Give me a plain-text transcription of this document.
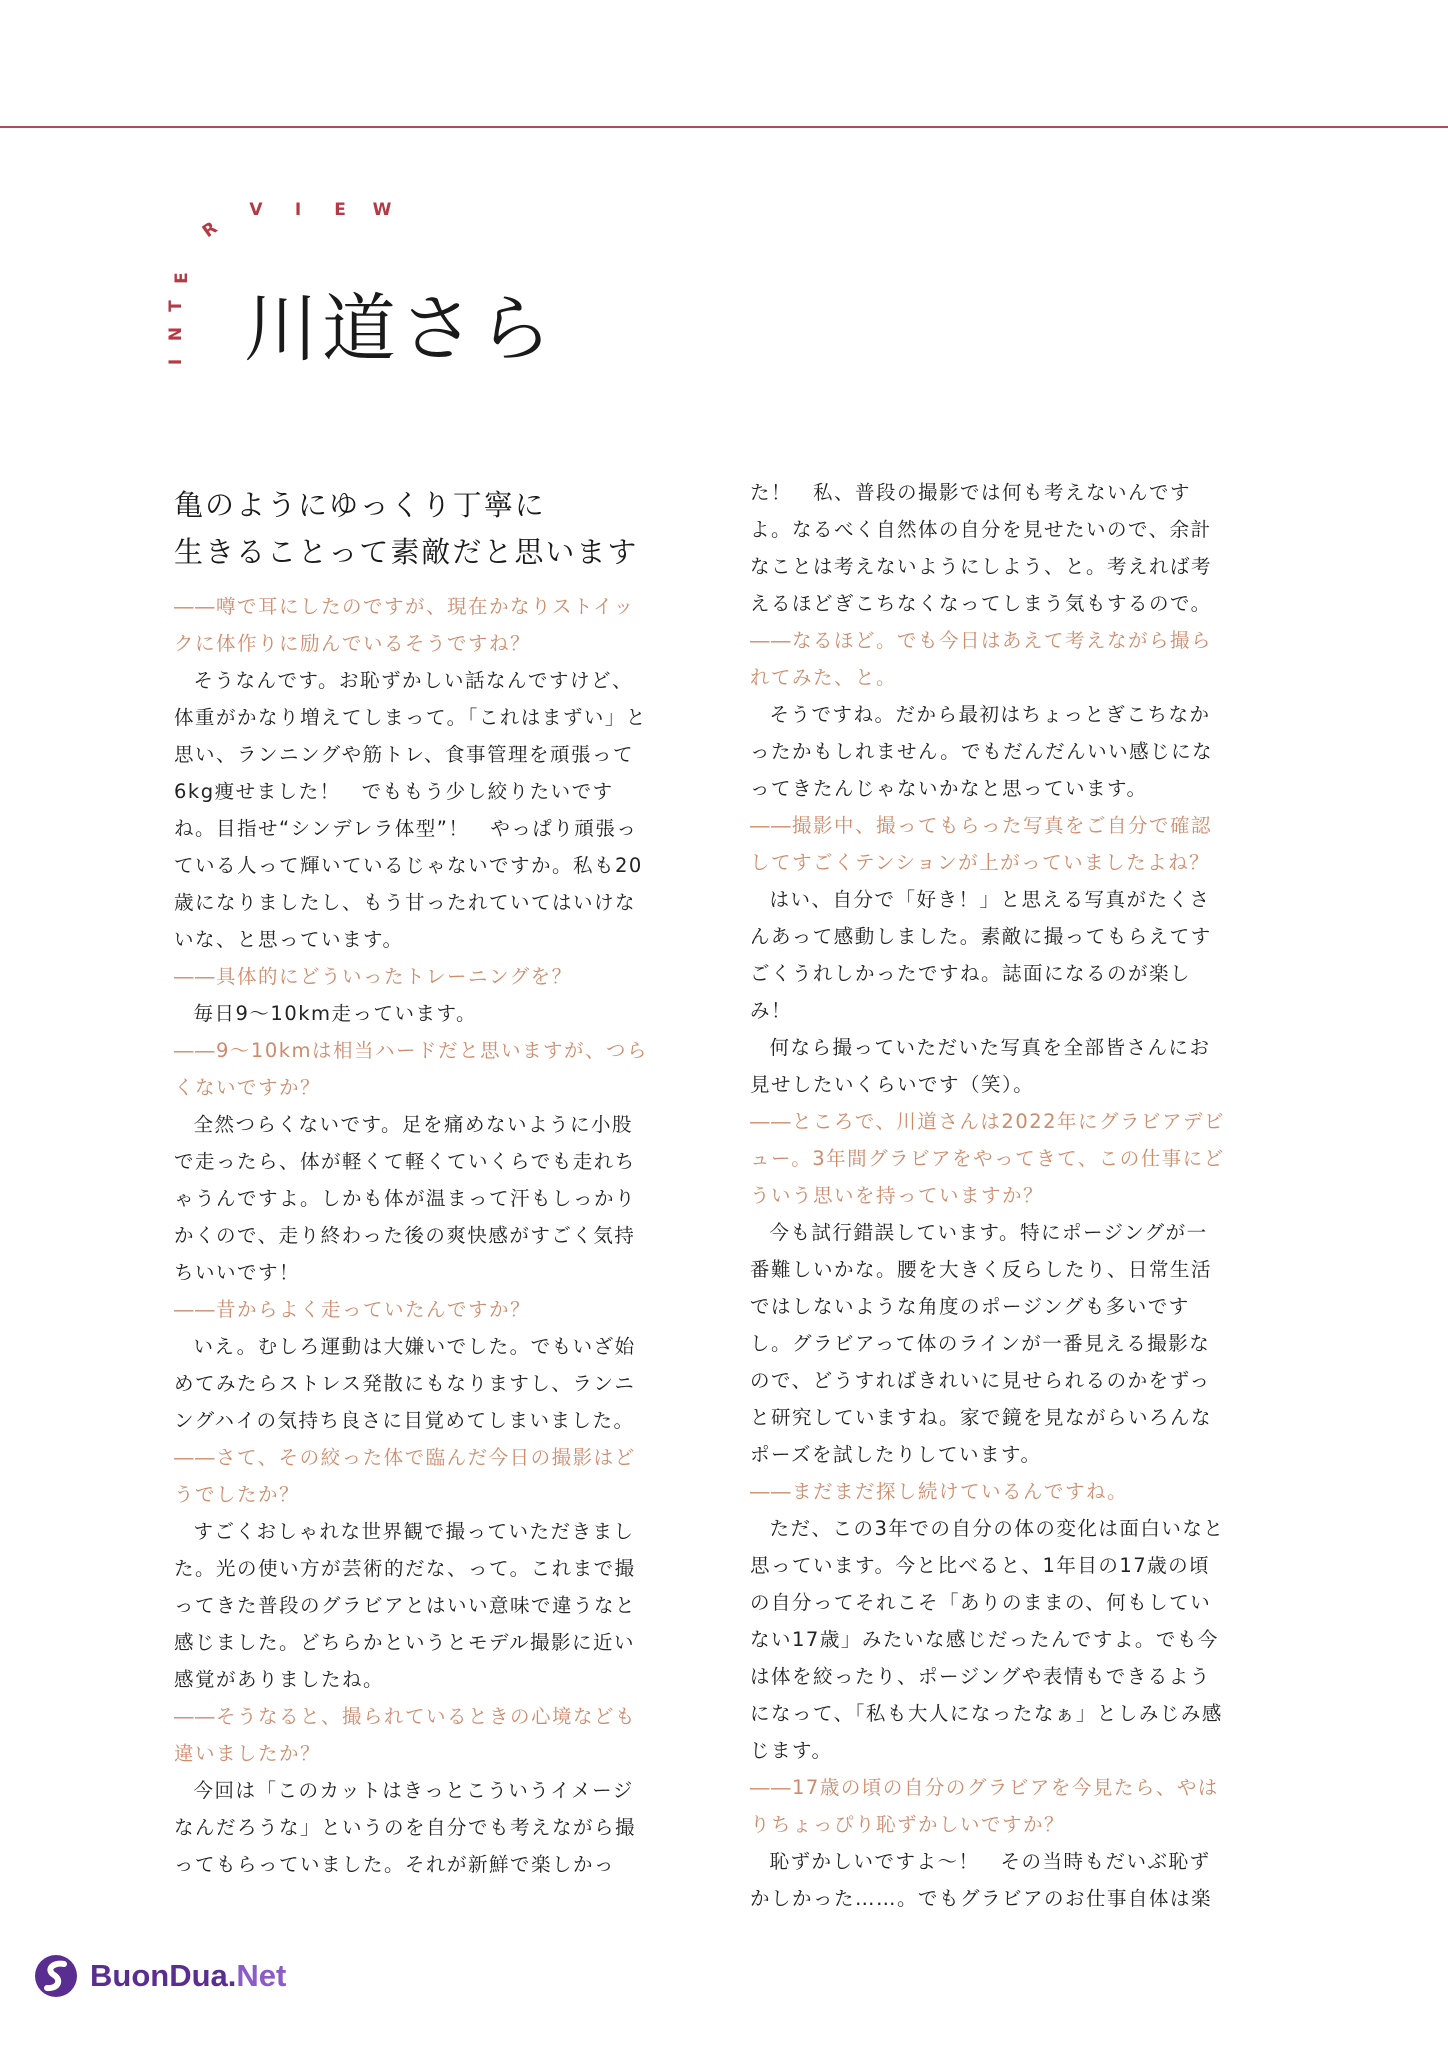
I
N
T
E
R
V	I	E W
川道さら
亀のようにゆっくり丁寧に
生きることって素敵だと思います

――噂で耳にしたのですが、現在かなりストイックに体作りに励んでいるそうですね？

そうなんです。お恥ずかしい話なんですけど、体重がかなり増えてしまって。「これはまずい」と思い、ランニングや筋トレ、食事管理を頑張って6kg痩せました！　でももう少し絞りたいですね。目指せ“シンデレラ体型”！　やっぱり頑張っている人って輝いているじゃないですか。私も20歳になりましたし、もう甘ったれていてはいけないな、と思っています。

――具体的にどういったトレーニングを？

毎日9〜10km走っています。

――9〜10kmは相当ハードだと思いますが、つらくないですか？

全然つらくないです。足を痛めないように小股で走ったら、体が軽くて軽くていくらでも走れちゃうんですよ。しかも体が温まって汗もしっかりかくので、走り終わった後の爽快感がすごく気持ちいいです！

――昔からよく走っていたんですか？

いえ。むしろ運動は大嫌いでした。でもいざ始めてみたらストレス発散にもなりますし、ランニングハイの気持ち良さに目覚めてしまいました。

――さて、その絞った体で臨んだ今日の撮影はどうでしたか？

すごくおしゃれな世界観で撮っていただきました。光の使い方が芸術的だな、って。これまで撮ってきた普段のグラビアとはいい意味で違うなと感じました。どちらかというとモデル撮影に近い感覚がありましたね。

――そうなると、撮られているときの心境なども違いましたか？

今回は「このカットはきっとこういうイメージなんだろうな」というのを自分でも考えながら撮ってもらっていました。それが新鮮で楽しかっ

た！　私、普段の撮影では何も考えないんですよ。なるべく自然体の自分を見せたいので、余計なことは考えないようにしよう、と。考えれば考えるほどぎこちなくなってしまう気もするので。

――なるほど。でも今日はあえて考えながら撮られてみた、と。

そうですね。だから最初はちょっとぎこちなかったかもしれません。でもだんだんいい感じになってきたんじゃないかなと思っています。

――撮影中、撮ってもらった写真をご自分で確認してすごくテンションが上がっていましたよね？

はい、自分で「好き！」と思える写真がたくさんあって感動しました。素敵に撮ってもらえてすごくうれしかったですね。誌面になるのが楽しみ！

何なら撮っていただいた写真を全部皆さんにお見せしたいくらいです（笑）。

――ところで、川道さんは2022年にグラビアデビュー。3年間グラビアをやってきて、この仕事にどういう思いを持っていますか？

今も試行錯誤しています。特にポージングが一番難しいかな。腰を大きく反らしたり、日常生活ではしないような角度のポージングも多いですし。グラビアって体のラインが一番見える撮影なので、どうすればきれいに見せられるのかをずっと研究していますね。家で鏡を見ながらいろんなポーズを試したりしています。

――まだまだ探し続けているんですね。

ただ、この3年での自分の体の変化は面白いなと思っています。今と比べると、1年目の17歳の頃の自分ってそれこそ「ありのままの、何もしていない17歳」みたいな感じだったんですよ。でも今は体を絞ったり、ポージングや表情もできるようになって、「私も大人になったなぁ」としみじみ感じます。

――17歳の頃の自分のグラビアを今見たら、やはりちょっぴり恥ずかしいですか？

恥ずかしいですよ〜！　その当時もだいぶ恥ずかしかった……。でもグラビアのお仕事自体は楽

BuonDua.Net
